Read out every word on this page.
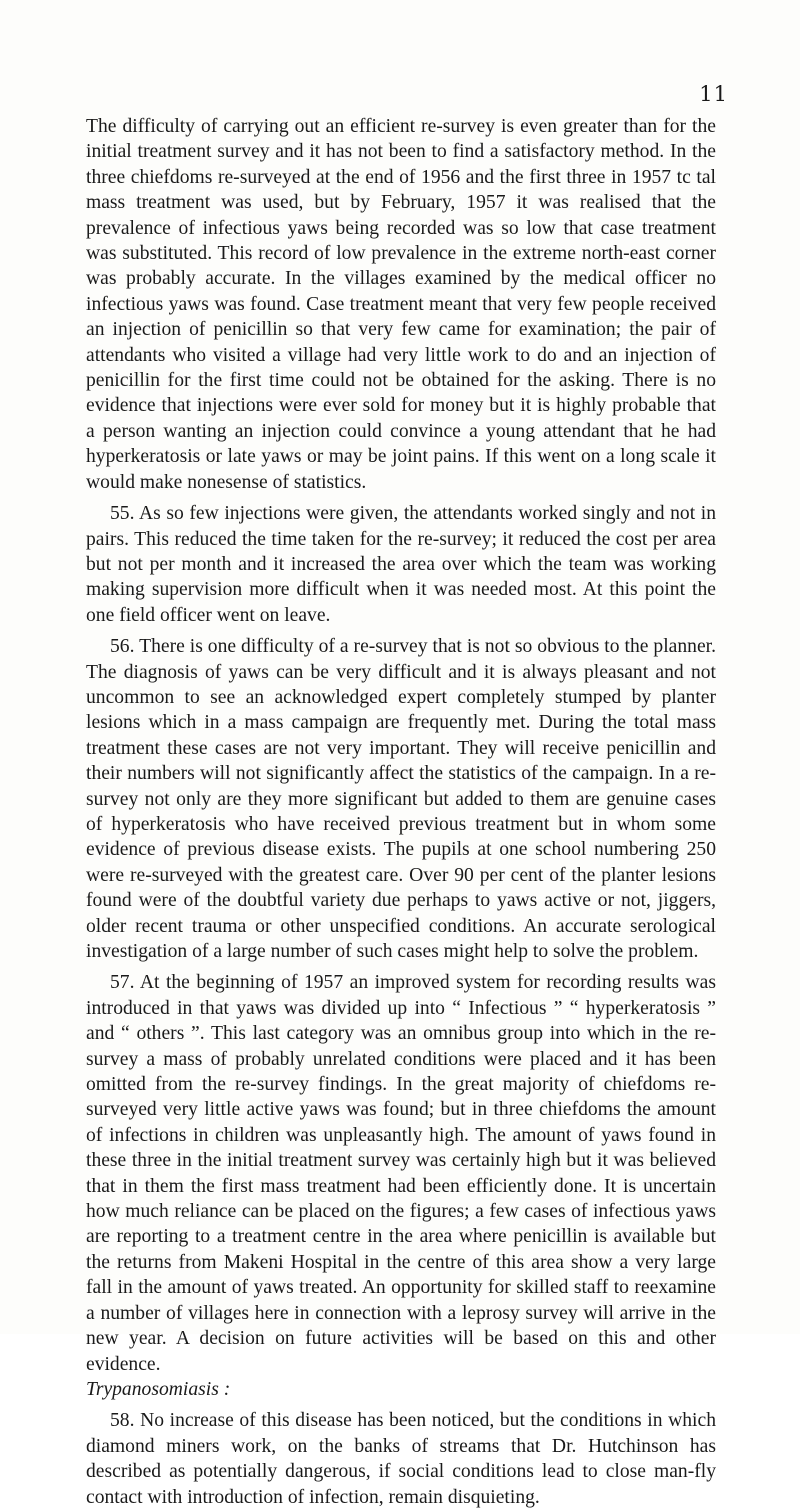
11

The difficulty of carrying out an efficient re-survey is even greater than for the initial treatment survey and it has not been to find a satisfactory method. In the three chiefdoms re-surveyed at the end of 1956 and the first three in 1957 tc tal mass treatment was used, but by February, 1957 it was realised that the prevalence of infectious yaws being recorded was so low that case treatment was substituted. This record of low prevalence in the extreme north-east corner was probably accurate. In the villages examined by the medical officer no infectious yaws was found. Case treatment meant that very few people received an injection of penicillin so that very few came for examination; the pair of attendants who visited a village had very little work to do and an injection of penicillin for the first time could not be obtained for the asking. There is no evidence that injections were ever sold for money but it is highly probable that a person wanting an injection could convince a young attendant that he had hyperkeratosis or late yaws or may be joint pains. If this went on a long scale it would make nonesense of statistics.

55. As so few injections were given, the attendants worked singly and not in pairs. This reduced the time taken for the re-survey; it reduced the cost per area but not per month and it increased the area over which the team was working making supervision more difficult when it was needed most. At this point the one field officer went on leave.

56. There is one difficulty of a re-survey that is not so obvious to the planner. The diagnosis of yaws can be very difficult and it is always pleasant and not uncommon to see an acknowledged expert completely stumped by planter lesions which in a mass campaign are frequently met. During the total mass treatment these cases are not very important. They will receive penicillin and their numbers will not significantly affect the statistics of the campaign. In a re-survey not only are they more significant but added to them are genuine cases of hyperkeratosis who have received previous treatment but in whom some evidence of previous disease exists. The pupils at one school numbering 250 were re-surveyed with the greatest care. Over 90 per cent of the planter lesions found were of the doubtful variety due perhaps to yaws active or not, jiggers, older recent trauma or other unspecified conditions. An accurate serological investigation of a large number of such cases might help to solve the problem.

57. At the beginning of 1957 an improved system for recording results was introduced in that yaws was divided up into “ Infectious ” “ hyperkeratosis ” and “ others ”. This last category was an omnibus group into which in the re-survey a mass of probably unrelated conditions were placed and it has been omitted from the re-survey findings. In the great majority of chiefdoms re-surveyed very little active yaws was found; but in three chiefdoms the amount of infections in children was unpleasantly high. The amount of yaws found in these three in the initial treatment survey was certainly high but it was believed that in them the first mass treatment had been efficiently done. It is uncertain how much reliance can be placed on the figures; a few cases of infectious yaws are reporting to a treatment centre in the area where penicillin is available but the returns from Makeni Hospital in the centre of this area show a very large fall in the amount of yaws treated. An opportunity for skilled staff to reexamine a number of villages here in connection with a leprosy survey will arrive in the new year. A decision on future activities will be based on this and other evidence.

Trypanosomiasis :

58. No increase of this disease has been noticed, but the conditions in which diamond miners work, on the banks of streams that Dr. Hutchinson has described as potentially dangerous, if social conditions lead to close man-fly contact with introduction of infection, remain disquieting.
